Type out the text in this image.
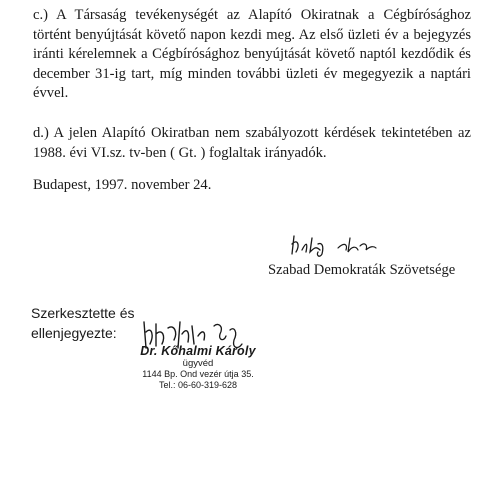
c.) A Társaság tevékenységét az Alapító Okiratnak a Cégbírósághoz
történt benyújtását követő napon kezdi meg. Az első üzleti év a bejegyzés
iránti kérelemnek a Cégbírósághoz benyújtását követő naptól kezdődik és
december 31-ig tart, míg minden további üzleti év megegyezik a naptári
évvel.
d.) A jelen Alapító Okiratban nem szabályozott kérdések tekintetében az
1988. évi VI.sz. tv-ben ( Gt. ) foglaltak irányadók.

Budapest, 1997. november 24.

Szabad Demokraták Szövetsége

Szerkesztette és
ellenjegyezte:

Dr. Kőhalmi Károly
ügyvéd
1144 Bp. Ond vezér útja 35.
Tel.: 06-60-319-628
